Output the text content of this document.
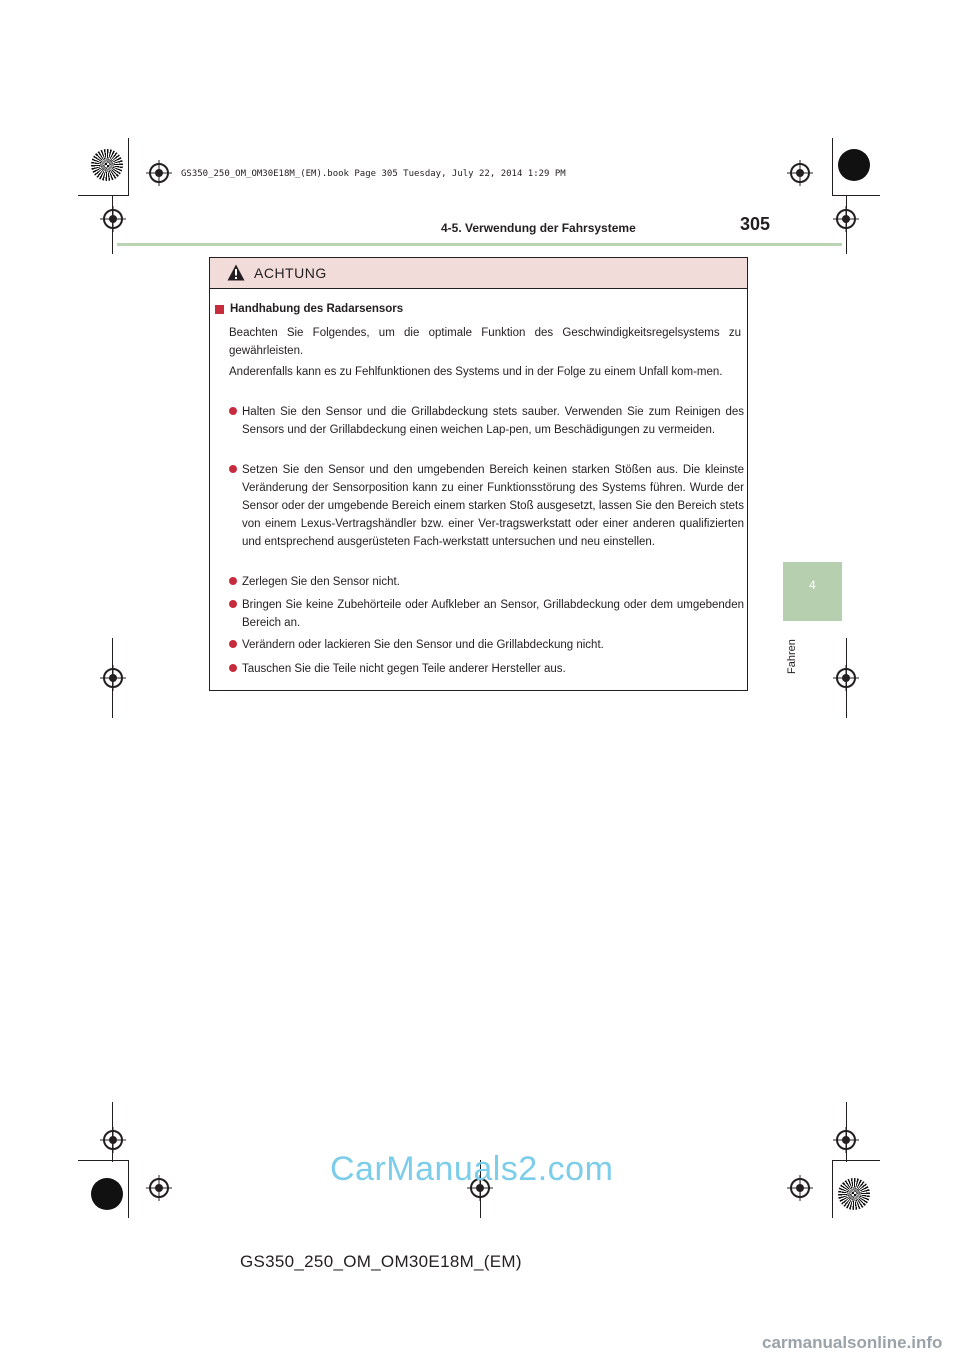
GS350_250_OM_OM30E18M_(EM).book Page 305 Tuesday, July 22, 2014 1:29 PM
4-5. Verwendung der Fahrsysteme	305
4
Fahren
ACHTUNG
Handhabung des Radarsensors
Beachten Sie Folgendes, um die optimale Funktion des Geschwindigkeitsregelsystems zu gewährleisten.
Anderenfalls kann es zu Fehlfunktionen des Systems und in der Folge zu einem Unfall kom-men.
Halten Sie den Sensor und die Grillabdeckung stets sauber. Verwenden Sie zum Reinigen des Sensors und der Grillabdeckung einen weichen Lap-pen, um Beschädigungen zu vermeiden.
Setzen Sie den Sensor und den umgebenden Bereich keinen starken Stößen aus. Die kleinste Veränderung der Sensorposition kann zu einer Funktionsstörung des Systems führen. Wurde der Sensor oder der umgebende Bereich einem starken Stoß ausgesetzt, lassen Sie den Bereich stets von einem Lexus-Vertragshändler bzw. einer Ver-tragswerkstatt oder einer anderen qualifizierten und entsprechend ausgerüsteten Fach-werkstatt untersuchen und neu einstellen.
Zerlegen Sie den Sensor nicht.
Bringen Sie keine Zubehörteile oder Aufkleber an Sensor, Grillabdeckung oder dem umgebenden Bereich an.
Verändern oder lackieren Sie den Sensor und die Grillabdeckung nicht.
Tauschen Sie die Teile nicht gegen Teile anderer Hersteller aus.
CarManuals2.com
GS350_250_OM_OM30E18M_(EM)
carmanualsonline.info
